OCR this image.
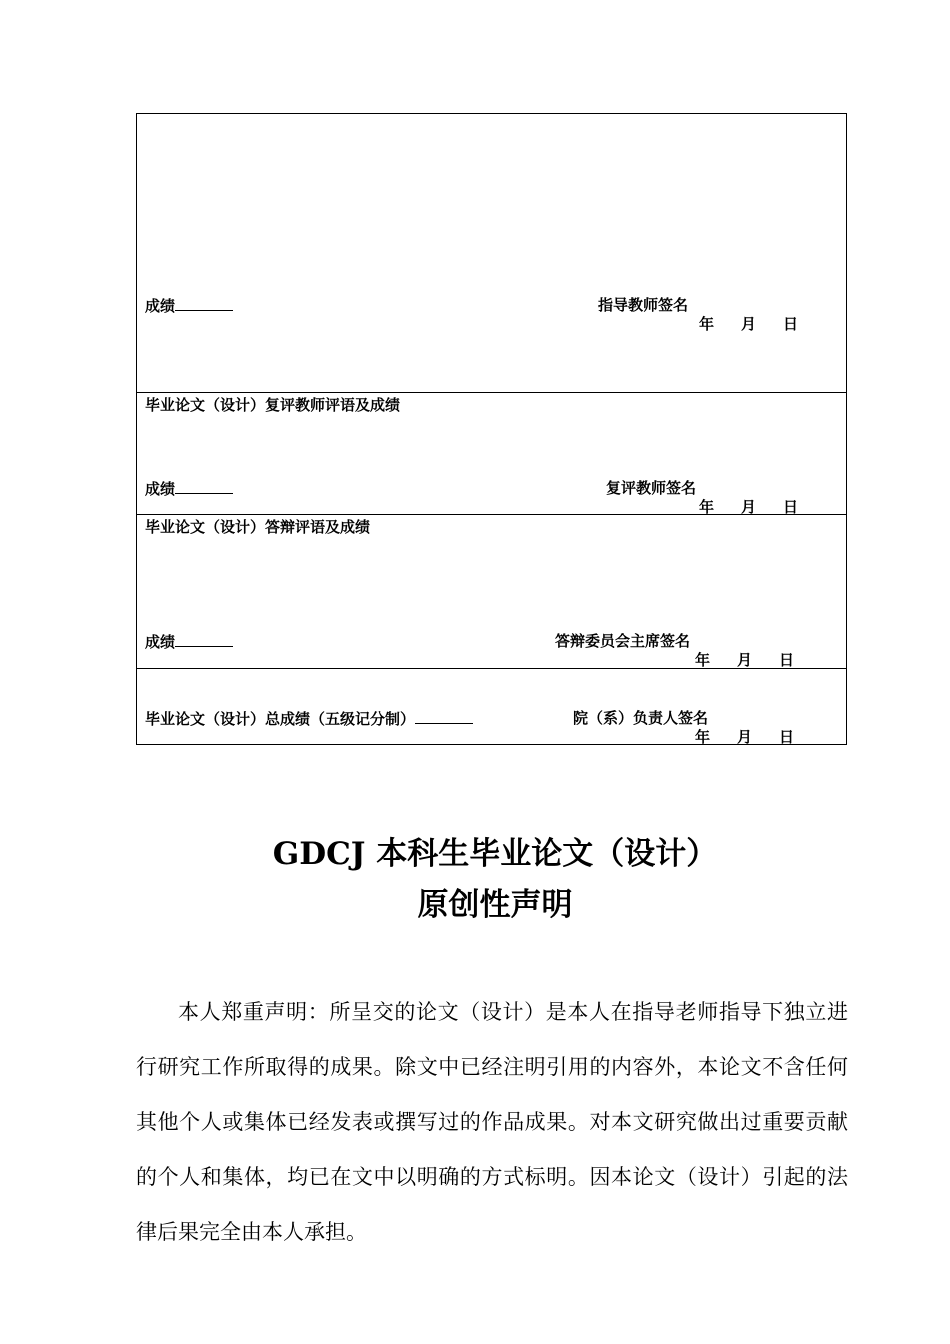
成绩	指导教师签名
年 月 日
毕业论文（设计）复评教师评语及成绩
成绩	复评教师签名
年 月 日
毕业论文（设计）答辩评语及成绩
成绩	答辩委员会主席签名
年 月 日
毕业论文（设计）总成绩（五级记分制）	院（系）负责人签名
年 月 日
GDCJ 本科生毕业论文（设计）
原创性声明
本人郑重声明：所呈交的论文（设计）是本人在指导老师指导下独立进行研究工作所取得的成果。除文中已经注明引用的内容外，本论文不含任何其他个人或集体已经发表或撰写过的作品成果。对本文研究做出过重要贡献的个人和集体，均已在文中以明确的方式标明。因本论文（设计）引起的法律后果完全由本人承担。
